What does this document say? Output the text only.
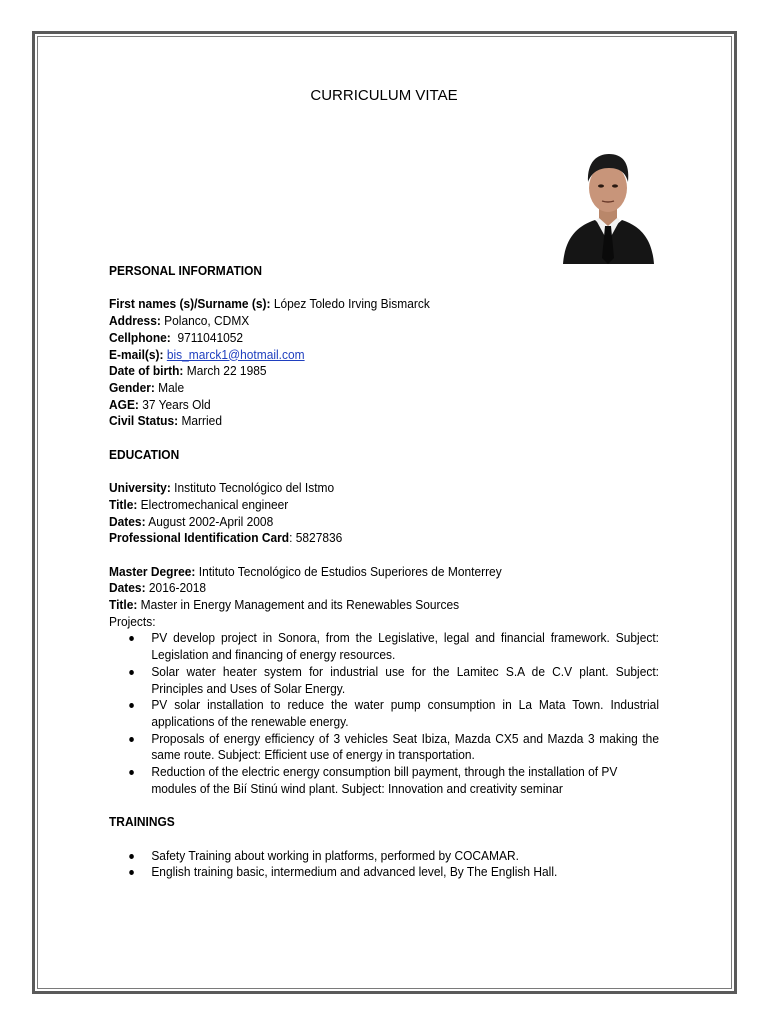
CURRICULUM VITAE

PERSONAL INFORMATION

First names (s)/Surname (s): López Toledo Irving Bismarck

Address: Polanco, CDMX

Cellphone:  9711041052

E-mail(s): bis_marck1@hotmail.com

Date of birth: March 22 1985

Gender: Male

AGE: 37 Years Old

Civil Status: Married

EDUCATION

University: Instituto Tecnológico del Istmo

Title: Electromechanical engineer

Dates: August 2002-April 2008

Professional Identification Card: 5827836

Master Degree: Intituto Tecnológico de Estudios Superiores de Monterrey

Dates: 2016-2018

Title: Master in Energy Management and its Renewables Sources

Projects:

PV develop project in Sonora, from the Legislative, legal and financial framework. Subject: Legislation and financing of energy resources.
Solar water heater system for industrial use for the Lamitec S.A de C.V plant. Subject: Principles and Uses of Solar Energy.
PV solar installation to reduce the water pump consumption in La Mata Town. Industrial applications of the renewable energy.
Proposals of energy efficiency of 3 vehicles Seat Ibiza, Mazda CX5 and Mazda 3 making the same route. Subject: Efficient use of energy in transportation.
Reduction of the electric energy consumption bill payment, through the installation of PV modules of the Bií Stinú wind plant. Subject: Innovation and creativity seminar

TRAININGS

Safety Training about working in platforms, performed by COCAMAR.
English training basic, intermedium and advanced level, By The English Hall.
